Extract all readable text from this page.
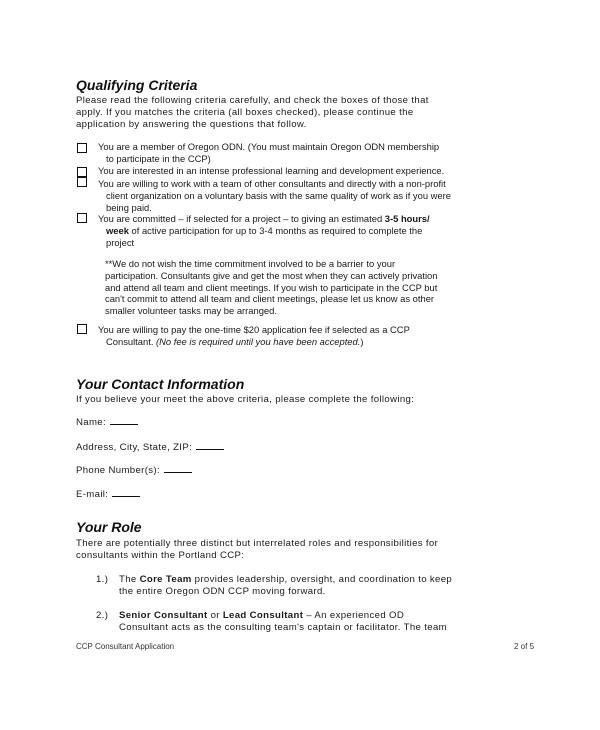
Qualifying Criteria
Please read the following criteria carefully, and check the boxes of those that
apply. If you matches the criteria (all boxes checked), please continue the
application by answering the questions that follow.
You are a member of Oregon ODN. (You must maintain Oregon ODN membership
to participate in the CCP)
You are interested in an intense professional learning and development experience.
You are willing to work with a team of other consultants and directly with a non-profit
client organization on a voluntary basis with the same quality of work as if you were
being paid.
You are committed – if selected for a project – to giving an estimated 3-5 hours/
week of active participation for up to 3-4 months as required to complete the
project
**We do not wish the time commitment involved to be a barrier to your
participation. Consultants give and get the most when they can actively privation
and attend all team and client meetings. If you wish to participate in the CCP but
can't commit to attend all team and client meetings, please let us know as other
smaller volunteer tasks may be arranged.
You are willing to pay the one-time $20 application fee if selected as a CCP
Consultant. (No fee is required until you have been accepted.)
Your Contact Information
If you believe your meet the above criteria, please complete the following:
Name:
Address, City, State, ZIP:
Phone Number(s):
E-mail:
Your Role
There are potentially three distinct but interrelated roles and responsibilities for
consultants within the Portland CCP:
1.) The Core Team provides leadership, oversight, and coordination to keep
the entire Oregon ODN CCP moving forward.
2.) Senior Consultant or Lead Consultant – An experienced OD
Consultant acts as the consulting team's captain or facilitator. The team
CCP Consultant Application	2 of 5
